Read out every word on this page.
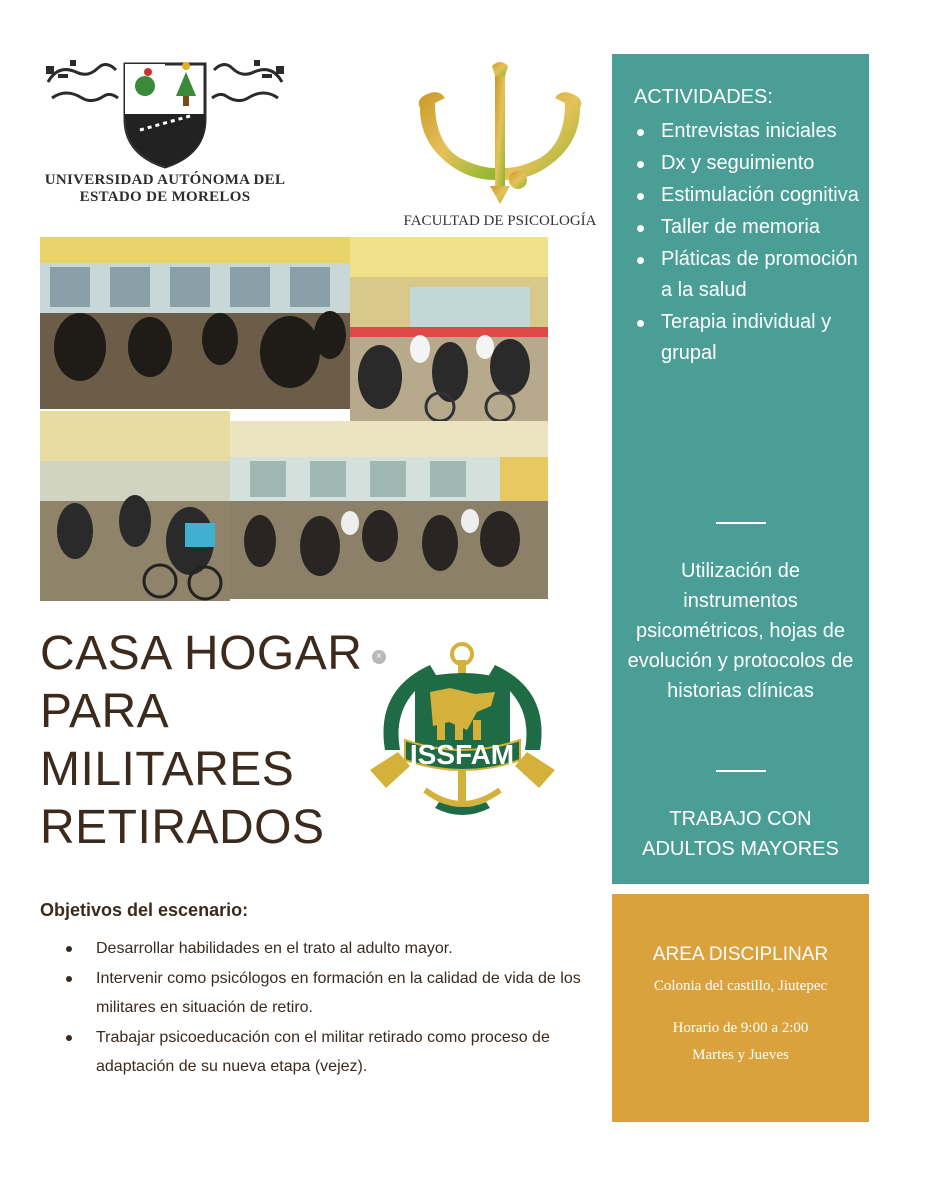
UNIVERSIDAD AUTÓNOMA DEL
ESTADO DE MORELOS
FACULTAD DE PSICOLOGÍA
CASA HOGAR
PARA
MILITARES
RETIRADOS
ISSFAM
×
Objetivos del escenario:
Desarrollar habilidades en el trato al adulto mayor.
Intervenir como psicólogos en formación en la calidad de vida de los militares en situación de retiro.
Trabajar psicoeducación con el militar retirado como proceso de adaptación de su nueva etapa (vejez).
ACTIVIDADES:
Entrevistas iniciales
Dx y seguimiento
Estimulación cognitiva
Taller de memoria
Pláticas de promoción a la salud
Terapia individual y grupal
Utilización de instrumentos psicométricos, hojas de evolución y protocolos de historias clínicas
TRABAJO CON ADULTOS MAYORES
AREA DISCIPLINAR
Colonia del castillo, Jiutepec
Horario de 9:00 a 2:00
Martes y Jueves
